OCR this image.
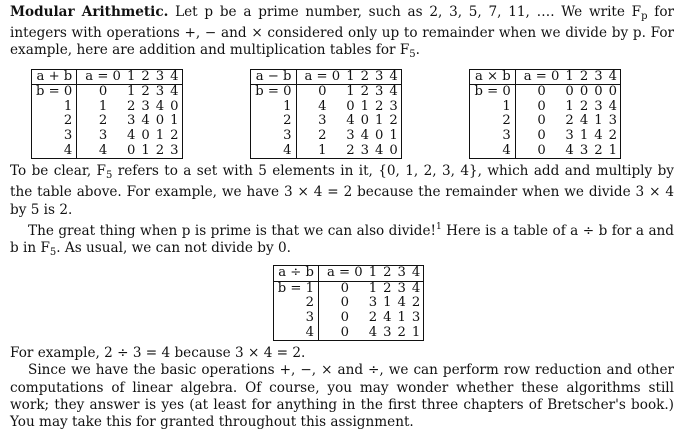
Modular Arithmetic. Let p be a prime number, such as 2, 3, 5, 7, 11, …. We write $F_p$ for integers with operations +, − and × considered only up to remainder when we divide by p. For example, here are addition and multiplication tables for $F_5$.

a + b	a = 0	1	2	3	4
b = 0	0	1	2	3	4
1	1	2	3	4	0
2	2	3	4	0	1
3	3	4	0	1	2
4	4	0	1	2	3
a − b	a = 0	1	2	3	4
b = 0	0	1	2	3	4
1	4	0	1	2	3
2	3	4	0	1	2
3	2	3	4	0	1
4	1	2	3	4	0
a × b	a = 0	1	2	3	4
b = 0	0	0	0	0	0
1	0	1	2	3	4
2	0	2	4	1	3
3	0	3	1	4	2
4	0	4	3	2	1

To be clear, $F_5$ refers to a set with 5 elements in it, {0, 1, 2, 3, 4}, which add and multiply by the table above. For example, we have 3 × 4 = 2 because the remainder when we divide 3 × 4 by 5 is 2.

The great thing when p is prime is that we can also divide!$^1$ Here is a table of a ÷ b for a and b in $F_5$. As usual, we can not divide by 0.

a ÷ b	a = 0	1	2	3	4
b = 1	0	1	2	3	4
2	0	3	1	4	2
3	0	2	4	1	3
4	0	4	3	2	1

For example, 2 ÷ 3 = 4 because 3 × 4 = 2.

Since we have the basic operations +, −, × and ÷, we can perform row reduction and other computations of linear algebra. Of course, you may wonder whether these algorithms still work; they answer is yes (at least for anything in the first three chapters of Bretscher's book.) You may take this for granted throughout this assignment.
